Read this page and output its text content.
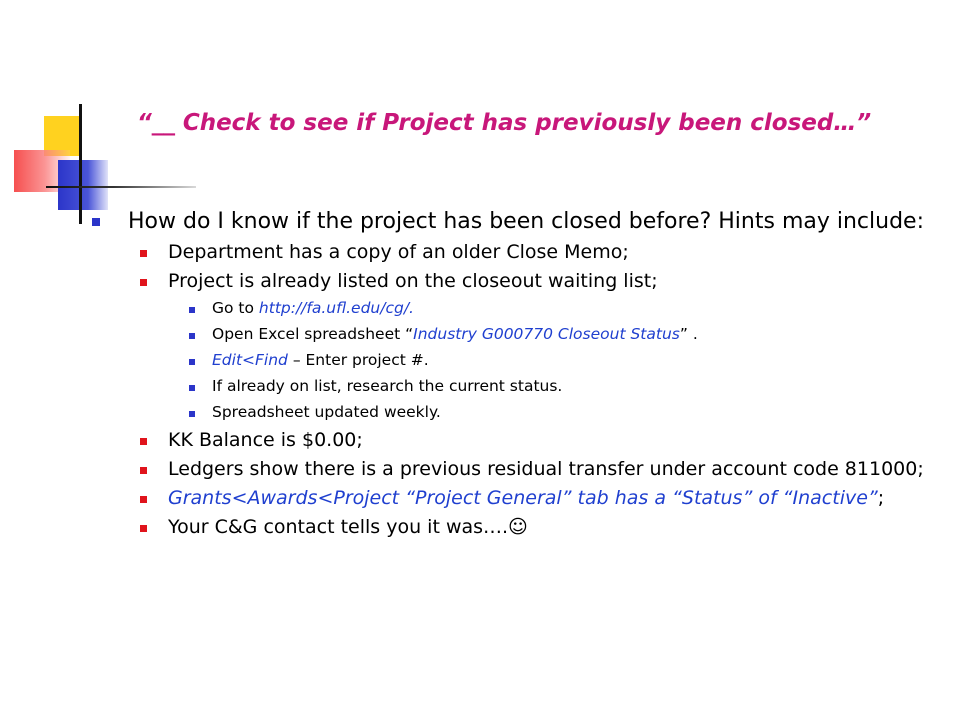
“__ Check to see if Project has previously been closed…”
How do I know if the project has been closed before? Hints may include:
Department has a copy of an older Close Memo;
Project is already listed on the closeout waiting list;
Go to http://fa.ufl.edu/cg/.
Open Excel spreadsheet “Industry G000770 Closeout Status” .
Edit<Find – Enter project #.
If already on list, research the current status.
Spreadsheet updated weekly.
KK Balance is $0.00;
Ledgers show there is a previous residual transfer under account code 811000;
Grants<Awards<Project “Project General” tab has a “Status” of “Inactive”;
Your C&G contact tells you it was….☺
